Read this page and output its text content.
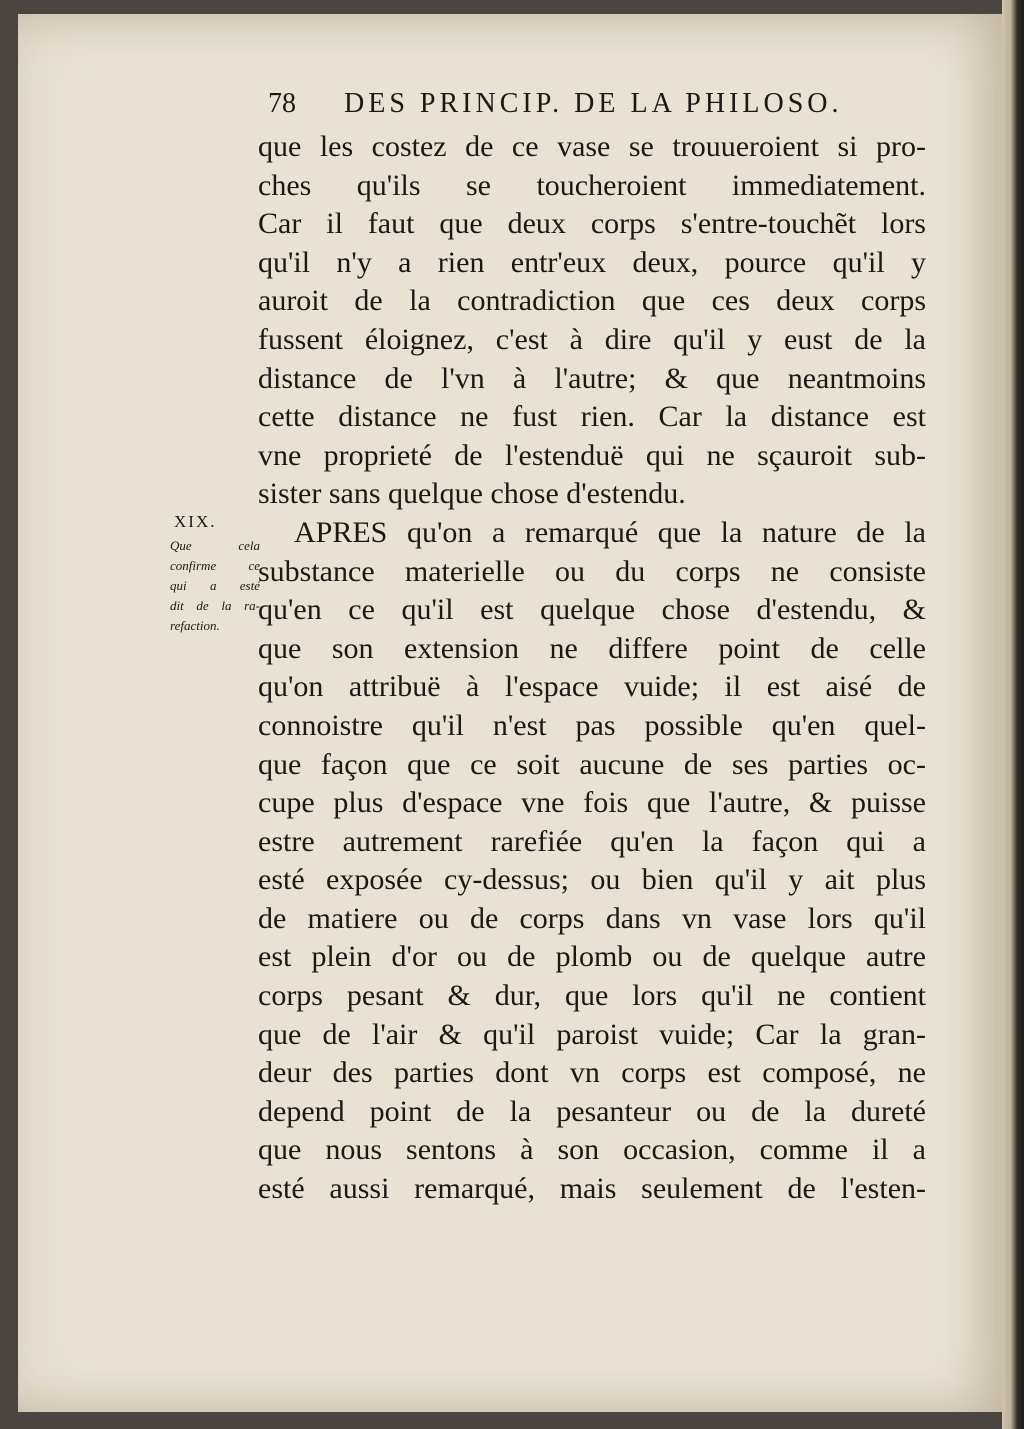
78 DES PRINCIP. DE LA PHILOSO.
XIX.
Que cela
confirme ce
qui a esté
dit de la ra-
refaction.
que les costez de ce vase se trouueroient si pro-
ches qu'ils se toucheroient immediatement.
Car il faut que deux corps s'entre-touchẽt lors
qu'il n'y a rien entr'eux deux, pource qu'il y
auroit de la contradiction que ces deux corps
fussent éloignez, c'est à dire qu'il y eust de la
distance de l'vn à l'autre; & que neantmoins
cette distance ne fust rien. Car la distance est
vne proprieté de l'estenduë qui ne sçauroit sub-
sister sans quelque chose d'estendu.
APRES qu'on a remarqué que la nature de la
substance materielle ou du corps ne consiste
qu'en ce qu'il est quelque chose d'estendu, &
que son extension ne differe point de celle
qu'on attribuë à l'espace vuide; il est aisé de
connoistre qu'il n'est pas possible qu'en quel-
que façon que ce soit aucune de ses parties oc-
cupe plus d'espace vne fois que l'autre, & puisse
estre autrement rarefiée qu'en la façon qui a
esté exposée cy-dessus; ou bien qu'il y ait plus
de matiere ou de corps dans vn vase lors qu'il
est plein d'or ou de plomb ou de quelque autre
corps pesant & dur, que lors qu'il ne contient
que de l'air & qu'il paroist vuide; Car la gran-
deur des parties dont vn corps est composé, ne
depend point de la pesanteur ou de la dureté
que nous sentons à son occasion, comme il a
esté aussi remarqué, mais seulement de l'esten-
